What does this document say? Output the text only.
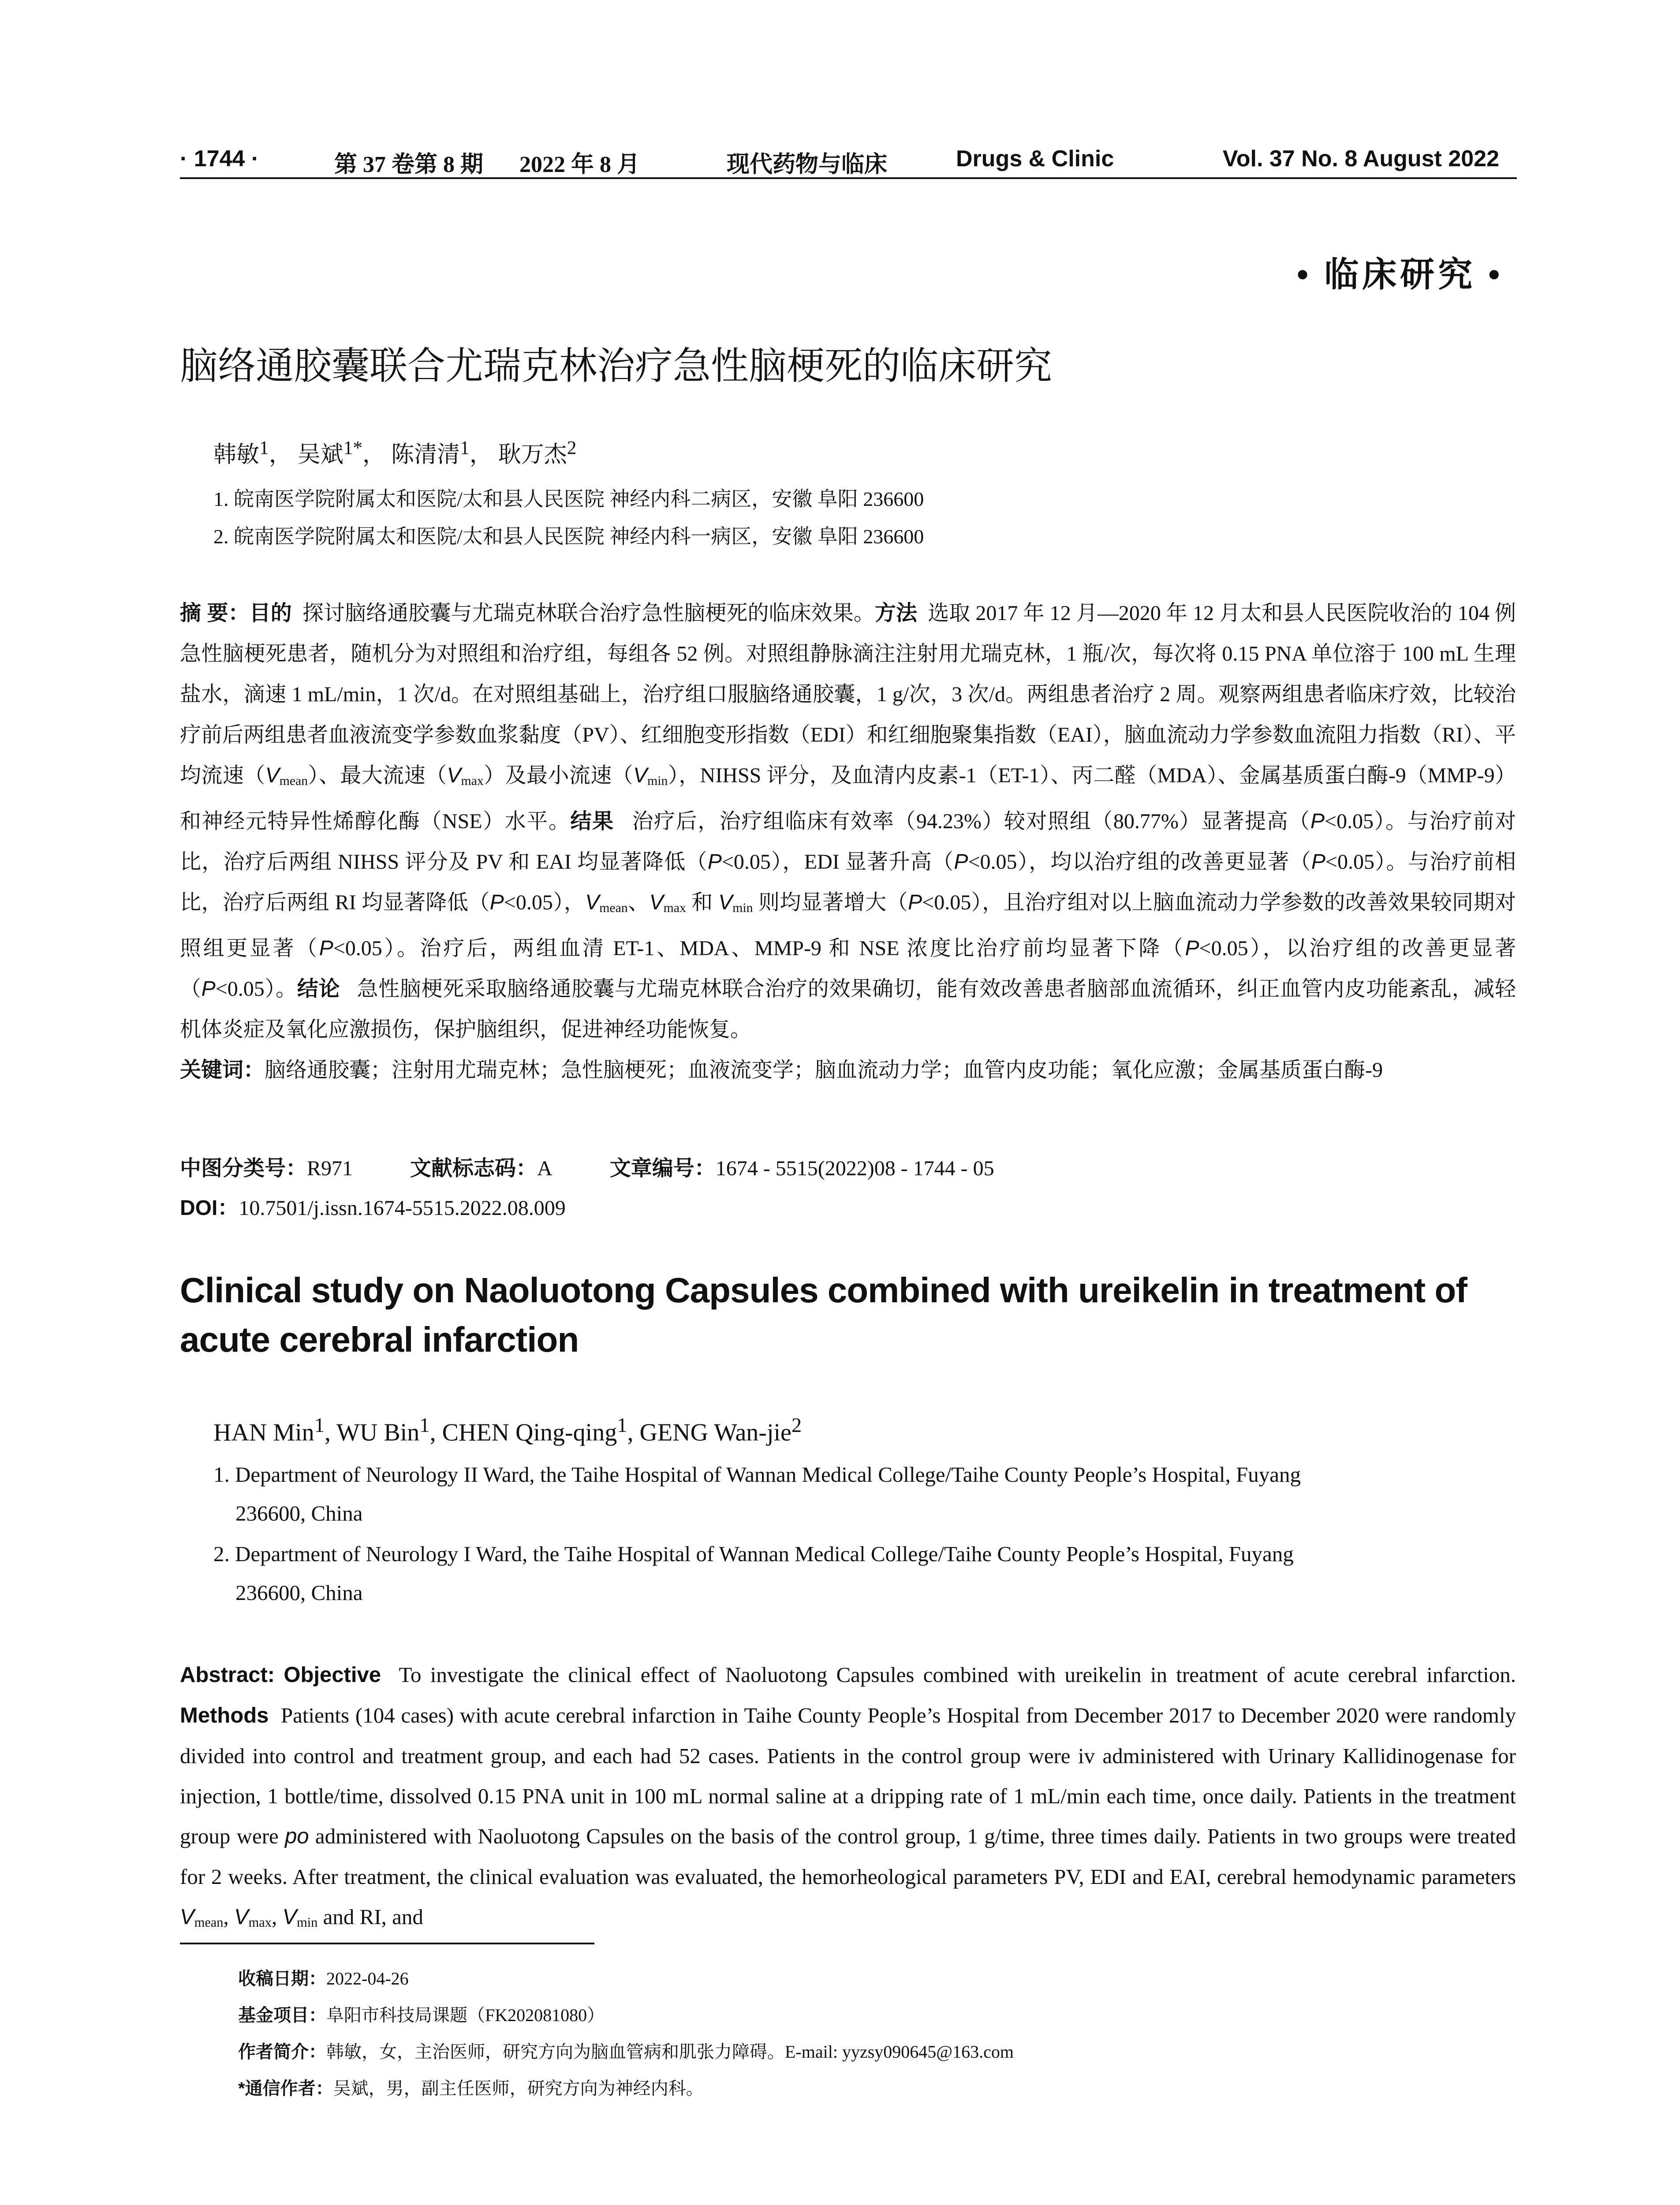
· 1744 ·	第 37 卷第 8 期 2022 年 8 月	现代药物与临床	Drugs & Clinic	Vol. 37 No. 8 August 2022
• 临床研究 •
脑络通胶囊联合尤瑞克林治疗急性脑梗死的临床研究
韩敏$^1$， 吴斌$^{1*}$， 陈清清$^1$， 耿万杰$^2$
1. 皖南医学院附属太和医院/太和县人民医院 神经内科二病区，安徽 阜阳 236600
2. 皖南医学院附属太和医院/太和县人民医院 神经内科一病区，安徽 阜阳 236600
摘 要：目的 探讨脑络通胶囊与尤瑞克林联合治疗急性脑梗死的临床效果。方法 选取 2017 年 12 月—2020 年 12 月太和县人民医院收治的 104 例急性脑梗死患者，随机分为对照组和治疗组，每组各 52 例。对照组静脉滴注注射用尤瑞克林，1 瓶/次，每次将 0.15 PNA 单位溶于 100 mL 生理盐水，滴速 1 mL/min，1 次/d。在对照组基础上，治疗组口服脑络通胶囊，1 g/次，3 次/d。两组患者治疗 2 周。观察两组患者临床疗效，比较治疗前后两组患者血液流变学参数血浆黏度（PV）、红细胞变形指数（EDI）和红细胞聚集指数（EAI），脑血流动力学参数血流阻力指数（RI）、平均流速（Vmean）、最大流速（Vmax）及最小流速（Vmin），NIHSS 评分，及血清内皮素-1（ET-1）、丙二醛（MDA）、金属基质蛋白酶-9（MMP-9）和神经元特异性烯醇化酶（NSE）水平。结果 治疗后，治疗组临床有效率（94.23%）较对照组（80.77%）显著提高（P<0.05）。与治疗前对比，治疗后两组 NIHSS 评分及 PV 和 EAI 均显著降低（P<0.05），EDI 显著升高（P<0.05），均以治疗组的改善更显著（P<0.05）。与治疗前相比，治疗后两组 RI 均显著降低（P<0.05），Vmean、Vmax 和 Vmin 则均显著增大（P<0.05），且治疗组对以上脑血流动力学参数的改善效果较同期对照组更显著（P<0.05）。治疗后，两组血清 ET-1、MDA、MMP-9 和 NSE 浓度比治疗前均显著下降（P<0.05），以治疗组的改善更显著（P<0.05）。结论 急性脑梗死采取脑络通胶囊与尤瑞克林联合治疗的效果确切，能有效改善患者脑部血流循环，纠正血管内皮功能紊乱，减轻机体炎症及氧化应激损伤，保护脑组织，促进神经功能恢复。
关键词：脑络通胶囊；注射用尤瑞克林；急性脑梗死；血液流变学；脑血流动力学；血管内皮功能；氧化应激；金属基质蛋白酶-9
中图分类号：R971	文献标志码：A	文章编号：1674 - 5515(2022)08 - 1744 - 05
DOI：10.7501/j.issn.1674-5515.2022.08.009
Clinical study on Naoluotong Capsules combined with ureikelin in treatment of acute cerebral infarction
HAN Min$^1$, WU Bin$^1$, CHEN Qing-qing$^1$, GENG Wan-jie$^2$
1. Department of Neurology II Ward, the Taihe Hospital of Wannan Medical College/Taihe County People’s Hospital, Fuyang
236600, China
2. Department of Neurology I Ward, the Taihe Hospital of Wannan Medical College/Taihe County People’s Hospital, Fuyang
236600, China
Abstract: Objective To investigate the clinical effect of Naoluotong Capsules combined with ureikelin in treatment of acute cerebral infarction. Methods Patients (104 cases) with acute cerebral infarction in Taihe County People’s Hospital from December 2017 to December 2020 were randomly divided into control and treatment group, and each had 52 cases. Patients in the control group were iv administered with Urinary Kallidinogenase for injection, 1 bottle/time, dissolved 0.15 PNA unit in 100 mL normal saline at a dripping rate of 1 mL/min each time, once daily. Patients in the treatment group were po administered with Naoluotong Capsules on the basis of the control group, 1 g/time, three times daily. Patients in two groups were treated for 2 weeks. After treatment, the clinical evaluation was evaluated, the hemorheological parameters PV, EDI and EAI, cerebral hemodynamic parameters Vmean, Vmax, Vmin and RI, and
收稿日期：2022-04-26
基金项目：阜阳市科技局课题（FK202081080）
作者简介：韩敏，女，主治医师，研究方向为脑血管病和肌张力障碍。E-mail: yyzsy090645@163.com
*通信作者：吴斌，男，副主任医师，研究方向为神经内科。
